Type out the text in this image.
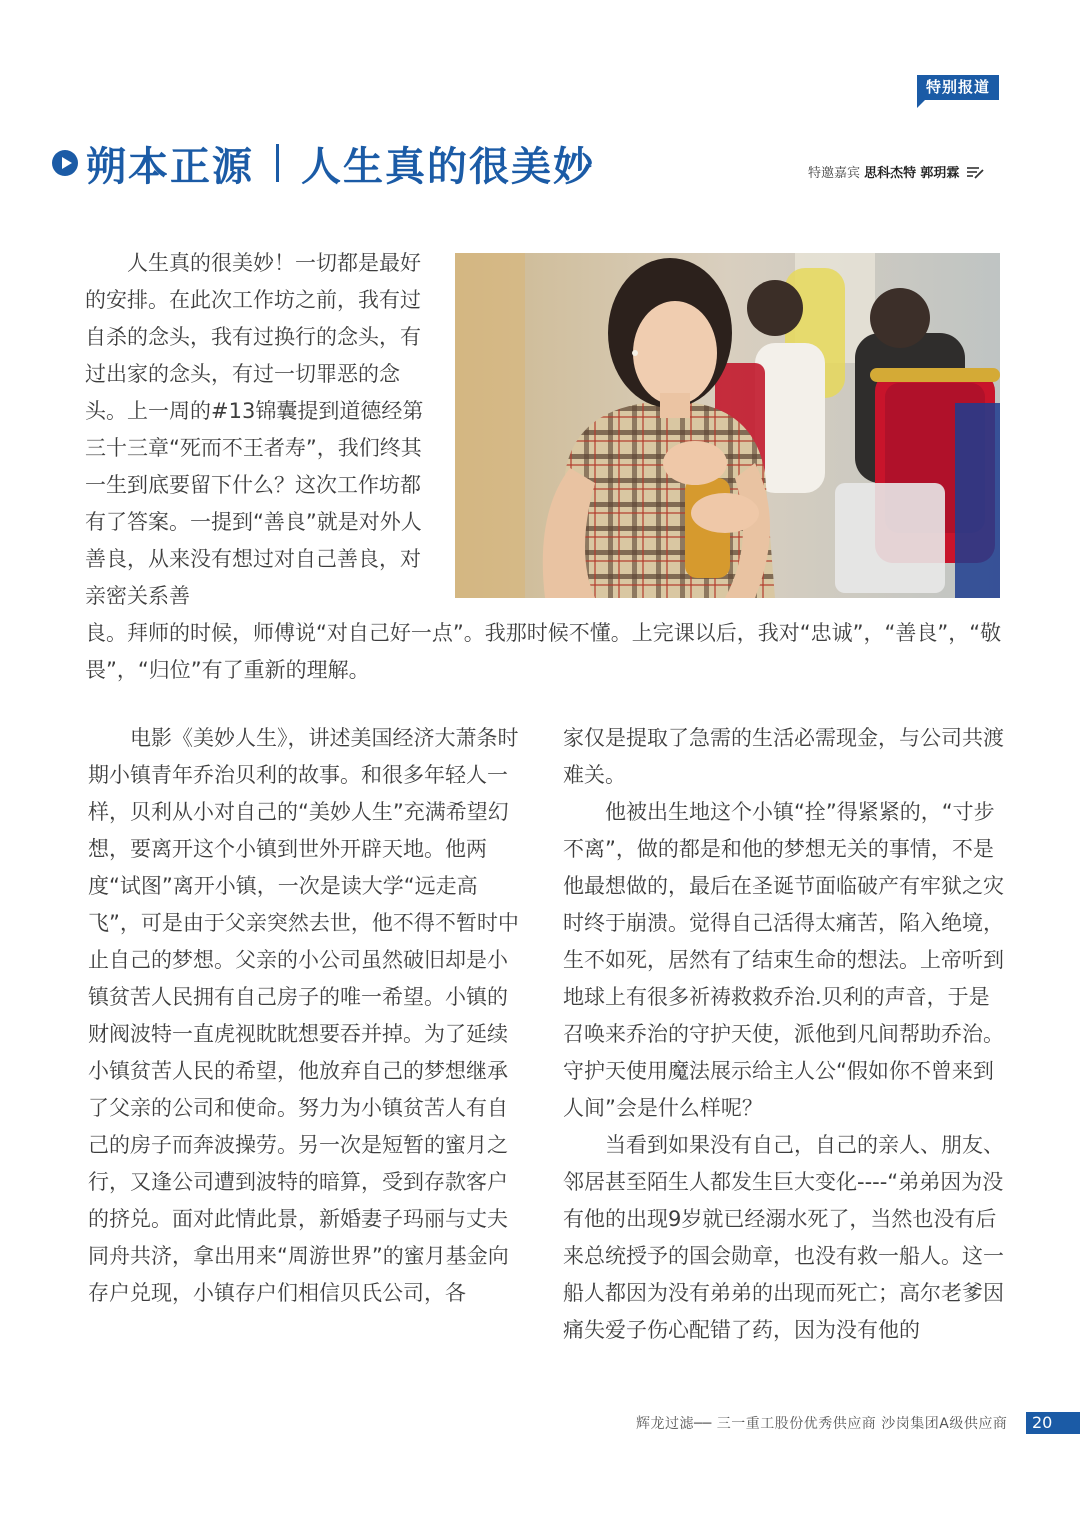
特别报道
朔本正源 人生真的很美妙	特邀嘉宾 思科杰特 郭玥霖
人生真的很美妙！一切都是最好的安排。在此次工作坊之前，我有过自杀的念头，我有过换行的念头，有过出家的念头，有过一切罪恶的念头。上一周的#13锦囊提到道德经第三十三章“死而不王者寿”，我们终其一生到底要留下什么？这次工作坊都有了答案。一提到“善良”就是对外人善良，从来没有想过对自己善良，对亲密关系善
良。拜师的时候，师傅说“对自己好一点”。我那时候不懂。上完课以后，我对“忠诚”，“善良”，“敬畏”，“归位”有了重新的理解。

电影《美妙人生》，讲述美国经济大萧条时期小镇青年乔治贝利的故事。和很多年轻人一样，贝利从小对自己的“美妙人生”充满希望幻想，要离开这个小镇到世外开辟天地。他两度“试图”离开小镇，一次是读大学“远走高飞”，可是由于父亲突然去世，他不得不暂时中止自己的梦想。父亲的小公司虽然破旧却是小镇贫苦人民拥有自己房子的唯一希望。小镇的财阀波特一直虎视眈眈想要吞并掉。为了延续小镇贫苦人民的希望，他放弃自己的梦想继承了父亲的公司和使命。努力为小镇贫苦人有自己的房子而奔波操劳。另一次是短暂的蜜月之行，又逢公司遭到波特的暗算，受到存款客户的挤兑。面对此情此景，新婚妻子玛丽与丈夫同舟共济，拿出用来“周游世界”的蜜月基金向存户兑现，小镇存户们相信贝氏公司，各

家仅是提取了急需的生活必需现金，与公司共渡难关。

他被出生地这个小镇“拴”得紧紧的，“寸步不离”，做的都是和他的梦想无关的事情，不是他最想做的，最后在圣诞节面临破产有牢狱之灾时终于崩溃。觉得自己活得太痛苦，陷入绝境，生不如死，居然有了结束生命的想法。上帝听到地球上有很多祈祷救救乔治.贝利的声音，于是召唤来乔治的守护天使，派他到凡间帮助乔治。守护天使用魔法展示给主人公“假如你不曾来到人间”会是什么样呢？

当看到如果没有自己，自己的亲人、朋友、邻居甚至陌生人都发生巨大变化----“弟弟因为没有他的出现9岁就已经溺水死了，当然也没有后来总统授予的国会勋章，也没有救一船人。这一船人都因为没有弟弟的出现而死亡；高尔老爹因痛失爱子伤心配错了药，因为没有他的

辉龙过滤── 三一重工股份优秀供应商 沙岗集团A级供应商	20
